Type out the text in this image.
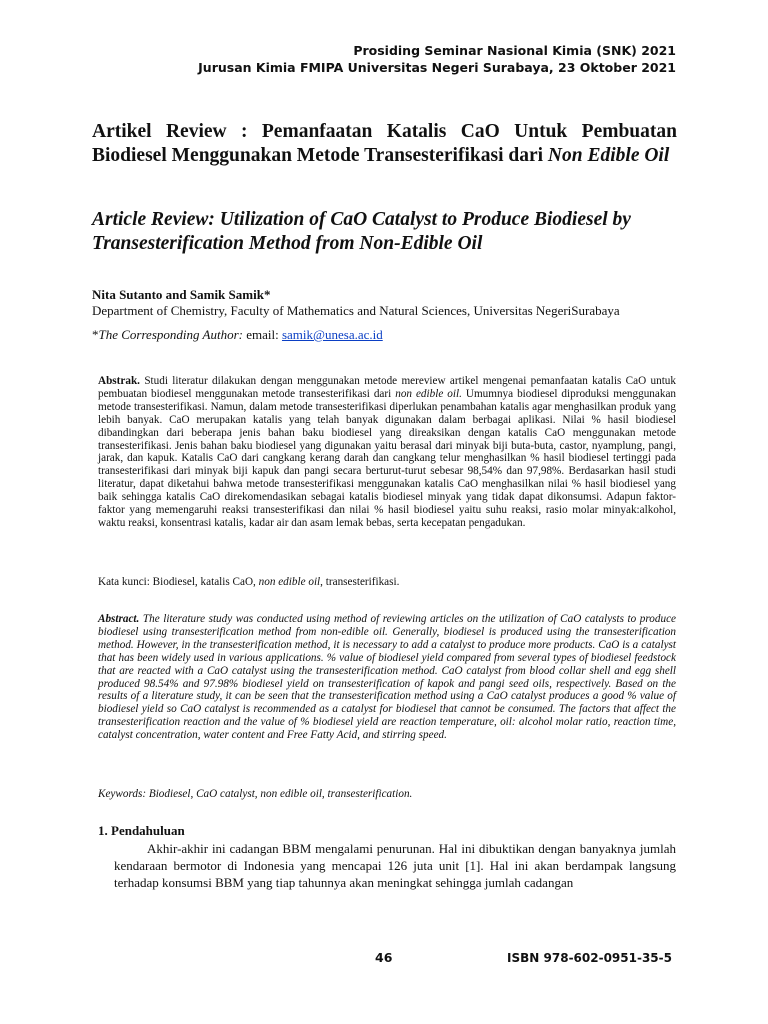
Prosiding Seminar Nasional Kimia (SNK) 2021
Jurusan Kimia FMIPA Universitas Negeri Surabaya, 23 Oktober 2021
Artikel Review : Pemanfaatan Katalis CaO Untuk Pembuatan Biodiesel Menggunakan Metode Transesterifikasi dari Non Edible Oil
Article Review: Utilization of CaO Catalyst to Produce Biodiesel by Transesterification Method from Non-Edible Oil
Nita Sutanto and Samik Samik*
Department of Chemistry, Faculty of Mathematics and Natural Sciences, Universitas NegeriSurabaya
*The Corresponding Author: email: samik@unesa.ac.id
Abstrak. Studi literatur dilakukan dengan menggunakan metode mereview artikel mengenai pemanfaatan katalis CaO untuk pembuatan biodiesel menggunakan metode transesterifikasi dari non edible oil. Umumnya biodiesel diproduksi menggunakan metode transesterifikasi. Namun, dalam metode transesterifikasi diperlukan penambahan katalis agar menghasilkan produk yang lebih banyak. CaO merupakan katalis yang telah banyak digunakan dalam berbagai aplikasi. Nilai % hasil biodiesel dibandingkan dari beberapa jenis bahan baku biodiesel yang direaksikan dengan katalis CaO menggunakan metode transesterifikasi. Jenis bahan baku biodiesel yang digunakan yaitu berasal dari minyak biji buta-buta, castor, nyamplung, pangi, jarak, dan kapuk. Katalis CaO dari cangkang kerang darah dan cangkang telur menghasilkan % hasil biodiesel tertinggi pada transesterifikasi dari minyak biji kapuk dan pangi secara berturut-turut sebesar 98,54% dan 97,98%. Berdasarkan hasil studi literatur, dapat diketahui bahwa metode transesterifikasi menggunakan katalis CaO menghasilkan nilai % hasil biodiesel yang baik sehingga katalis CaO direkomendasikan sebagai katalis biodiesel minyak yang tidak dapat dikonsumsi. Adapun faktor-faktor yang memengaruhi reaksi transesterifikasi dan nilai % hasil biodiesel yaitu suhu reaksi, rasio molar minyak:alkohol, waktu reaksi, konsentrasi katalis, kadar air dan asam lemak bebas, serta kecepatan pengadukan.
Kata kunci: Biodiesel, katalis CaO, non edible oil, transesterifikasi.
Abstract. The literature study was conducted using method of reviewing articles on the utilization of CaO catalysts to produce biodiesel using transesterification method from non-edible oil. Generally, biodiesel is produced using the transesterification method. However, in the transesterification method, it is necessary to add a catalyst to produce more products. CaO is a catalyst that has been widely used in various applications. % value of biodiesel yield compared from several types of biodiesel feedstock that are reacted with a CaO catalyst using the transesterification method. CaO catalyst from blood collar shell and egg shell produced 98.54% and 97.98% biodiesel yield on transesterification of kapok and pangi seed oils, respectively. Based on the results of a literature study, it can be seen that the transesterification method using a CaO catalyst produces a good % value of biodiesel yield so CaO catalyst is recommended as a catalyst for biodiesel that cannot be consumed. The factors that affect the transesterification reaction and the value of % biodiesel yield are reaction temperature, oil: alcohol molar ratio, reaction time, catalyst concentration, water content and Free Fatty Acid, and stirring speed.
Keywords: Biodiesel, CaO catalyst, non edible oil, transesterification.
1. Pendahuluan
Akhir-akhir ini cadangan BBM mengalami penurunan. Hal ini dibuktikan dengan banyaknya jumlah kendaraan bermotor di Indonesia yang mencapai 126 juta unit [1]. Hal ini akan berdampak langsung terhadap konsumsi BBM yang tiap tahunnya akan meningkat sehingga jumlah cadangan
46	ISBN 978-602-0951-35-5
